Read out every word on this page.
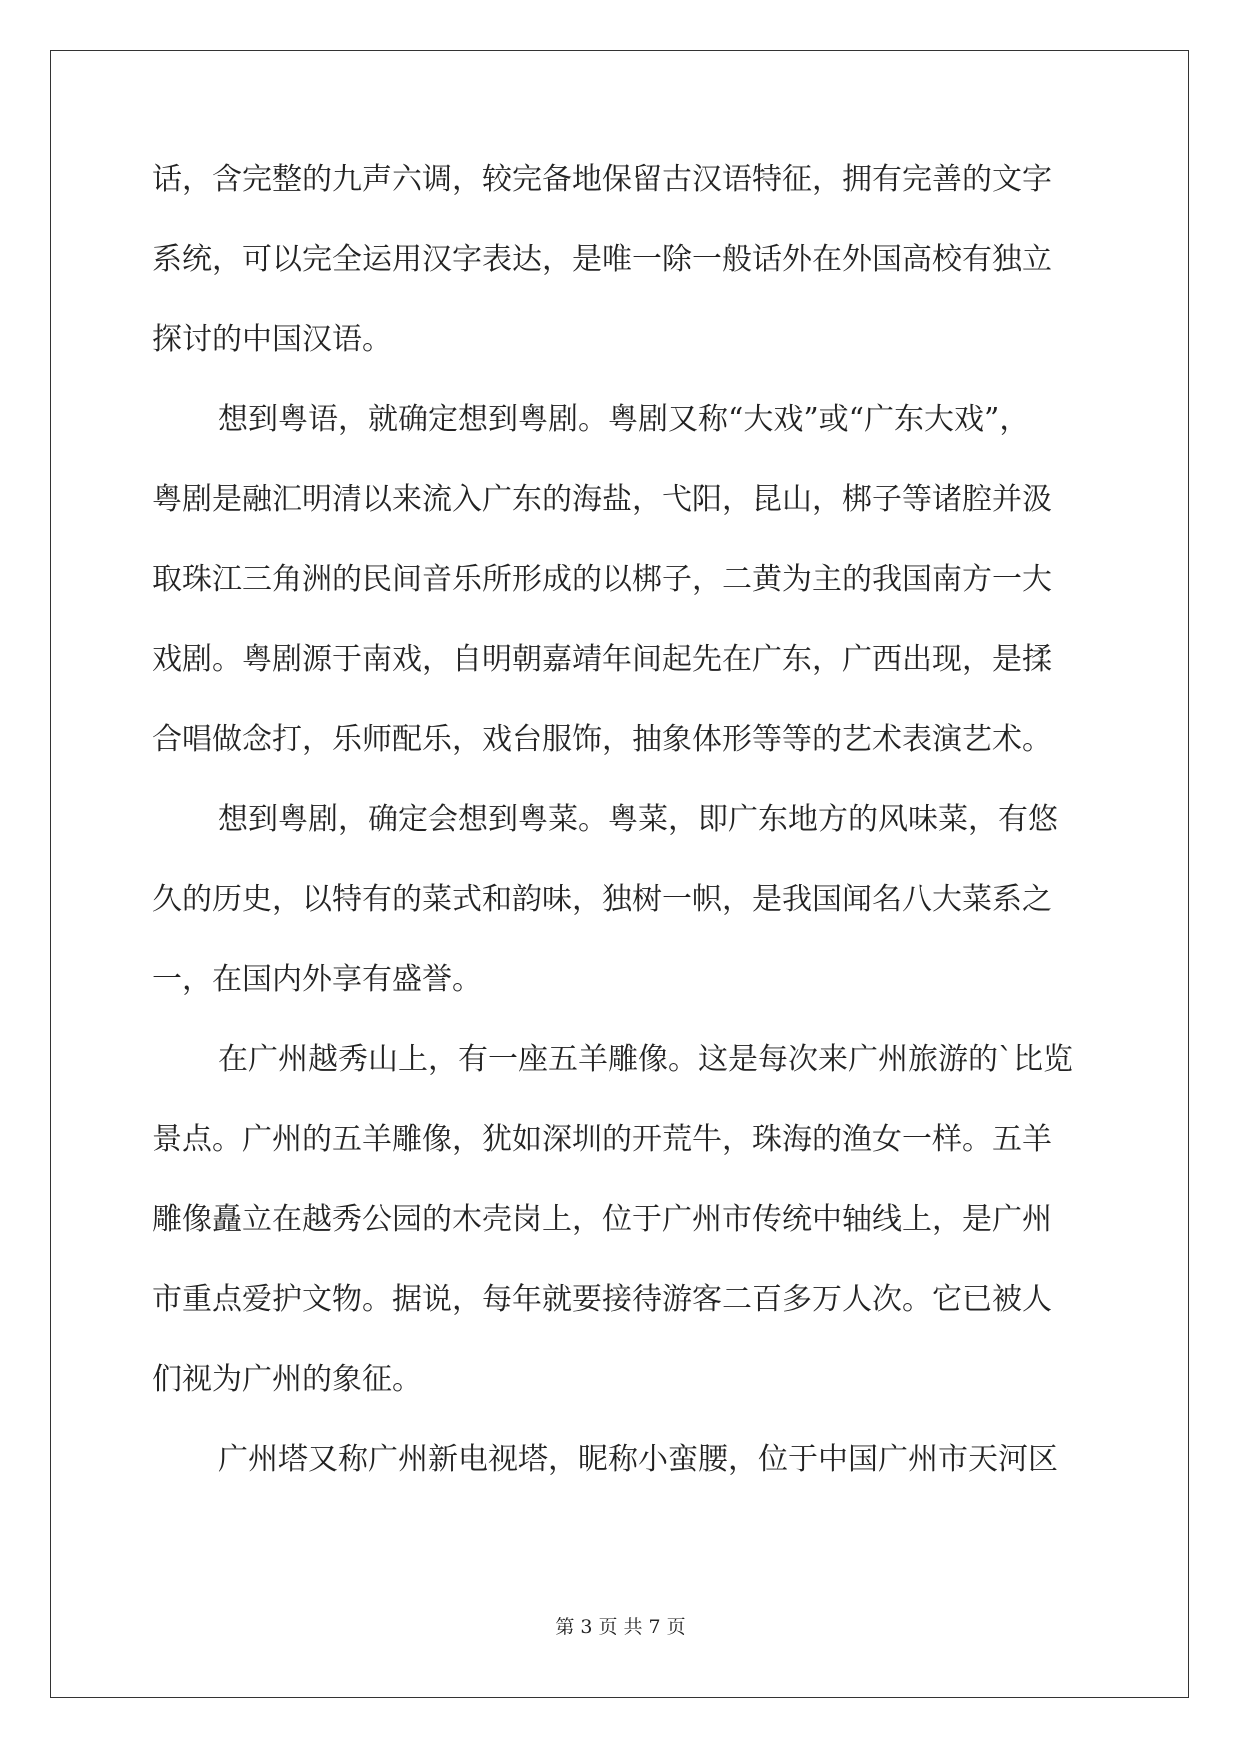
话，含完整的九声六调，较完备地保留古汉语特征，拥有完善的文字
系统，可以完全运用汉字表达，是唯一除一般话外在外国高校有独立
探讨的中国汉语。
想到粤语，就确定想到粤剧。粤剧又称“大戏”或“广东大戏”，
粤剧是融汇明清以来流入广东的海盐，弋阳，昆山，梆子等诸腔并汲
取珠江三角洲的民间音乐所形成的以梆子，二黄为主的我国南方一大
戏剧。粤剧源于南戏，自明朝嘉靖年间起先在广东，广西出现，是揉
合唱做念打，乐师配乐，戏台服饰，抽象体形等等的艺术表演艺术。
想到粤剧，确定会想到粤菜。粤菜，即广东地方的风味菜，有悠
久的历史，以特有的菜式和韵味，独树一帜，是我国闻名八大菜系之
一，在国内外享有盛誉。
在广州越秀山上，有一座五羊雕像。这是每次来广州旅游的`比览
景点。广州的五羊雕像，犹如深圳的开荒牛，珠海的渔女一样。五羊
雕像矗立在越秀公园的木壳岗上，位于广州市传统中轴线上，是广州
市重点爱护文物。据说，每年就要接待游客二百多万人次。它已被人
们视为广州的象征。
广州塔又称广州新电视塔，昵称小蛮腰，位于中国广州市天河区
第 3 页 共 7 页
